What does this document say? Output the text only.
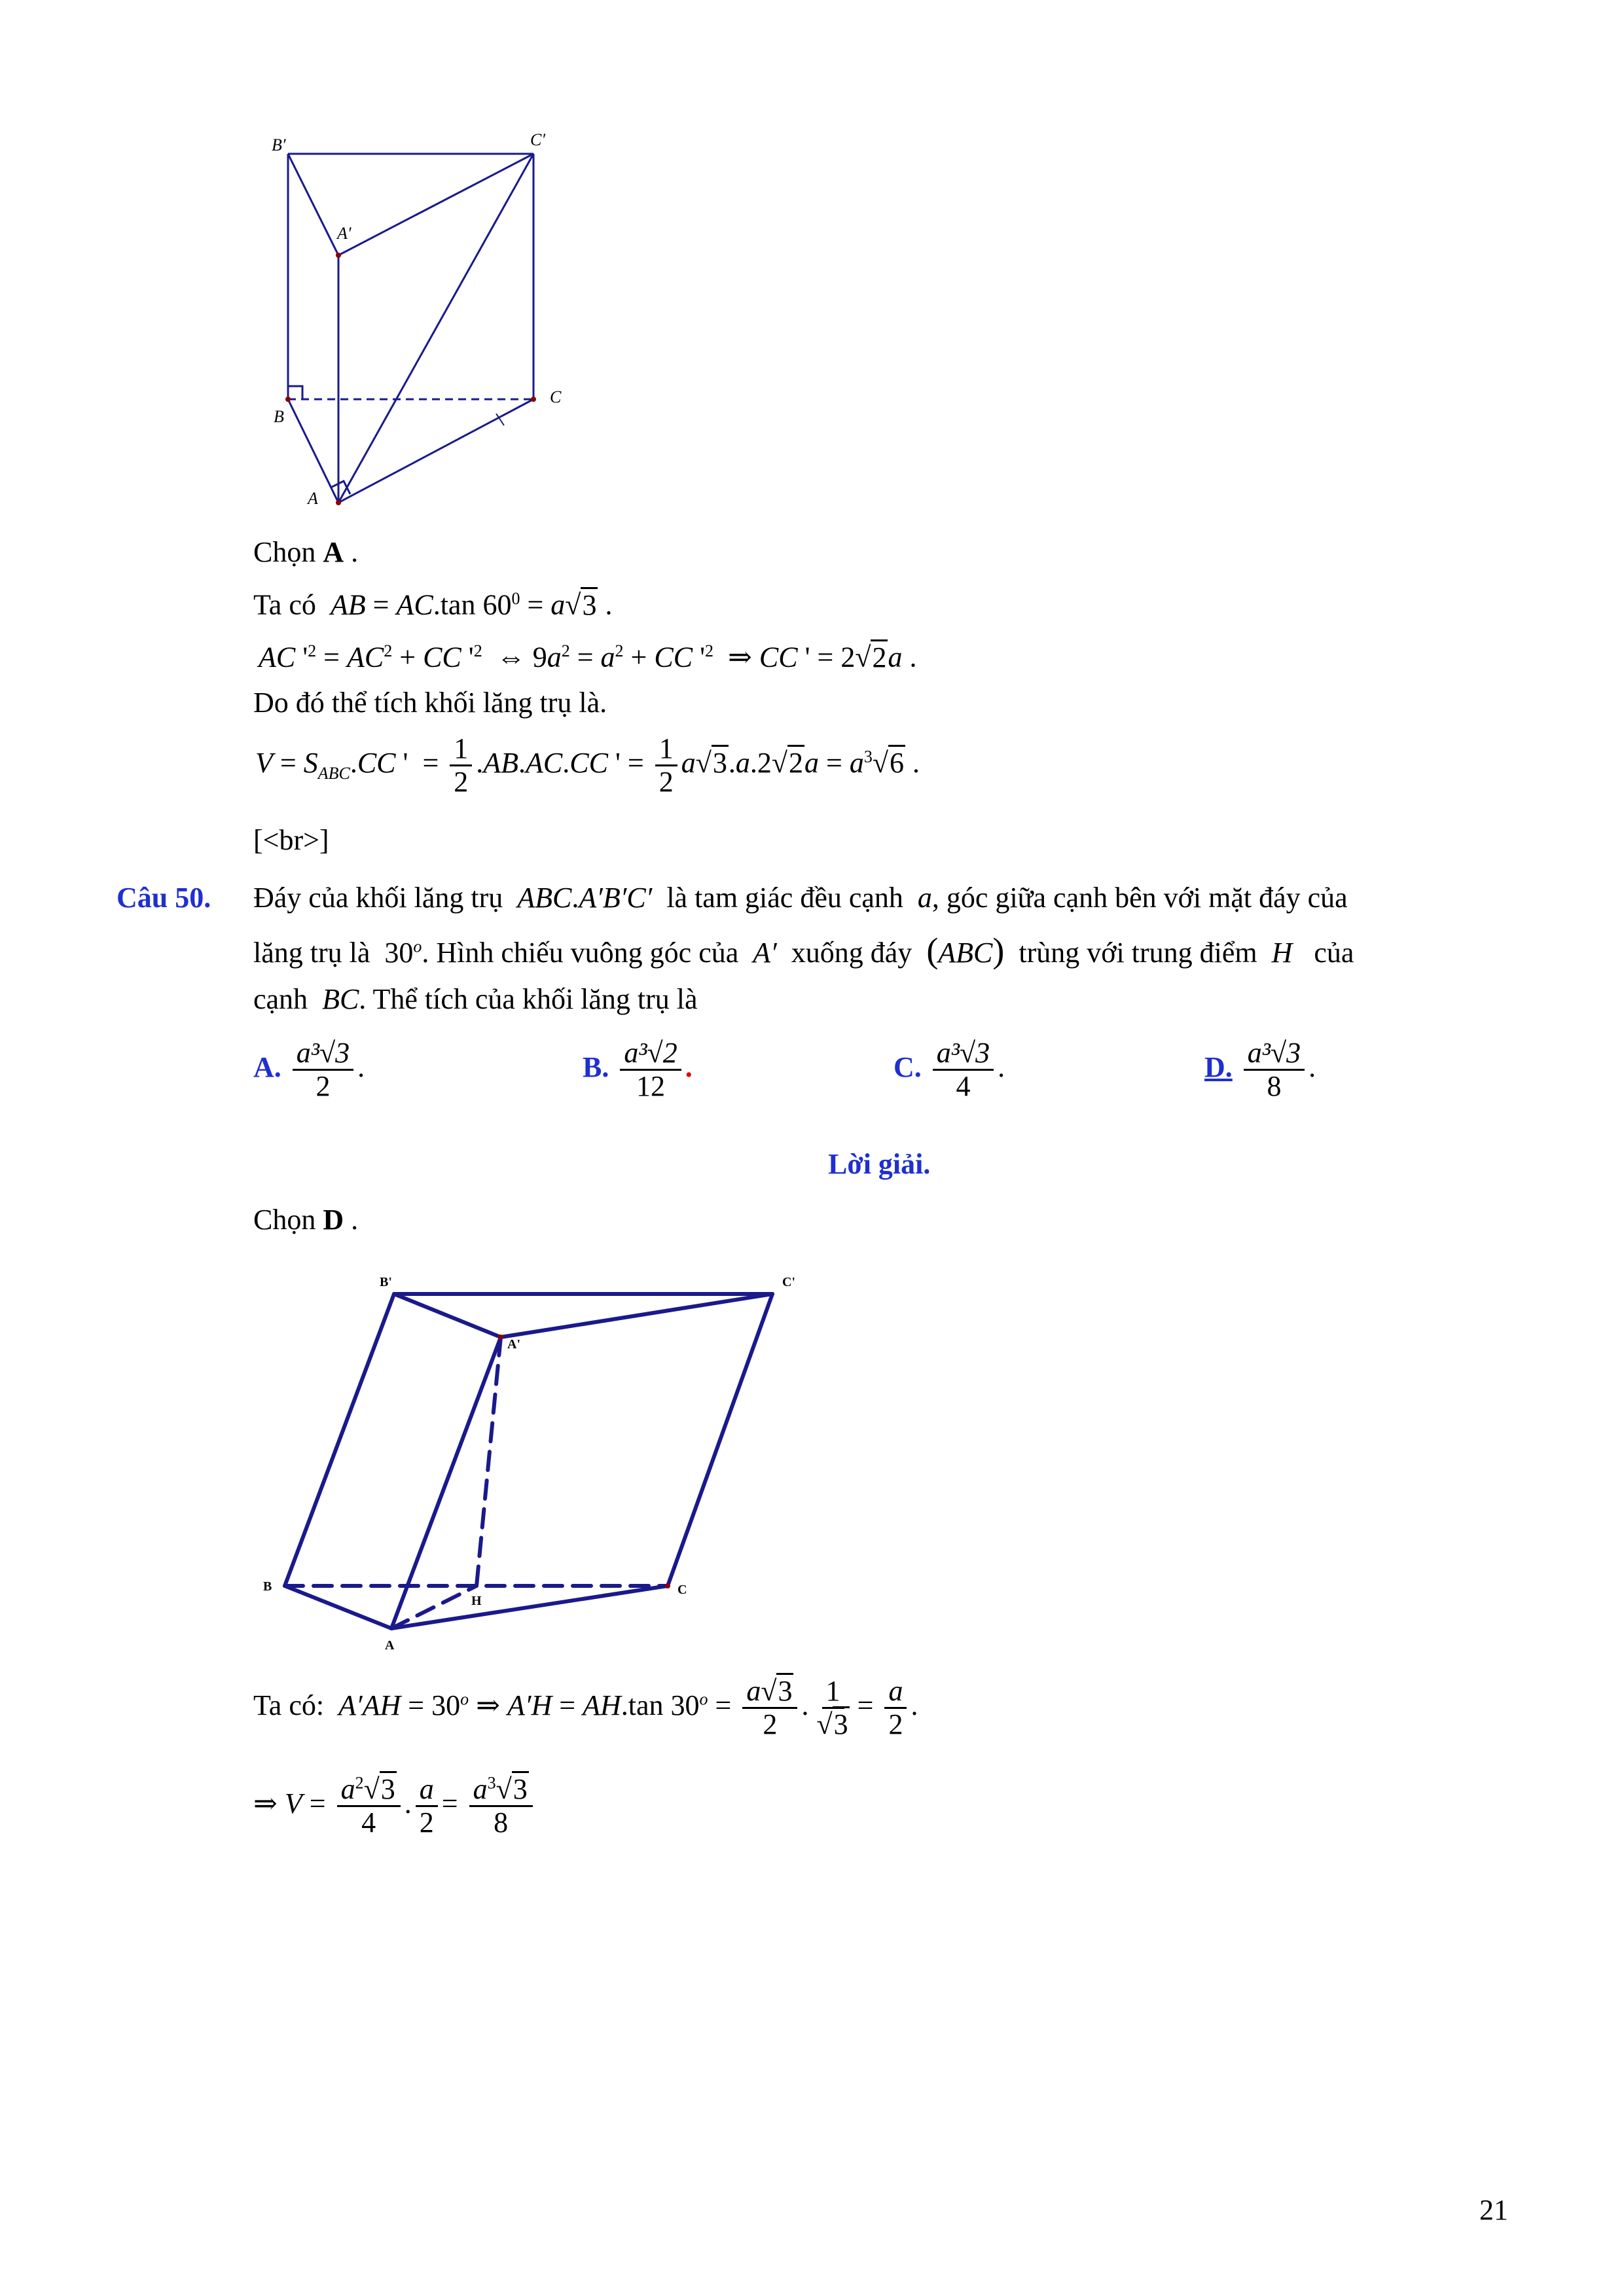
B′	C′
A′
B
C
A
Chọn A .
Ta có AB = AC.tan $60^0 = a√3$ .
AC '$^2 = AC^2$ + CC '$^2$  ⇔ $9a^2 = a^2$ + CC '$^2$  ⇒ CC ' = 2√2a .
Do đó thể tích khối lăng trụ là.
$V = S_{ABC}.CC$ '  = $\frac{1}{2} .AB.AC.CC$ ' = $\frac{1}{2} a√3.a.2√2a = a^3√6$ .
[<br>]
Câu 50. Đáy của khối lăng trụ ABC.A′B′C′ là tam giác đều cạnh a, góc giữa cạnh bên với mặt đáy của
lăng trụ là  30$^o$. Hình chiếu vuông góc của A′ xuống đáy (ABC) trùng với trung điểm H của
cạnh BC. Thể tích của khối lăng trụ là
A. $\frac{\text{a³√3}}{2}$ .	B. $\frac{\text{a³√2}}{12}$ .	C. $\frac{\text{a³√3}}{4}$ .	D. $\frac{\text{a³√3}}{8}$ .
Lời giải.
Chọn D .
B'	C'
A'
B
H
C
A
Ta có: $A'AH = 30^o$ ⇒ A′H = AH.tan $30^o = \frac{a√3}{2}$ . $\frac{1}{√3} = \frac{a}{2}$ .
⇒ $V = \frac{a^2√3}{4}$ . $\frac{a}{2} = \frac{a^3√3}{8}$
21
